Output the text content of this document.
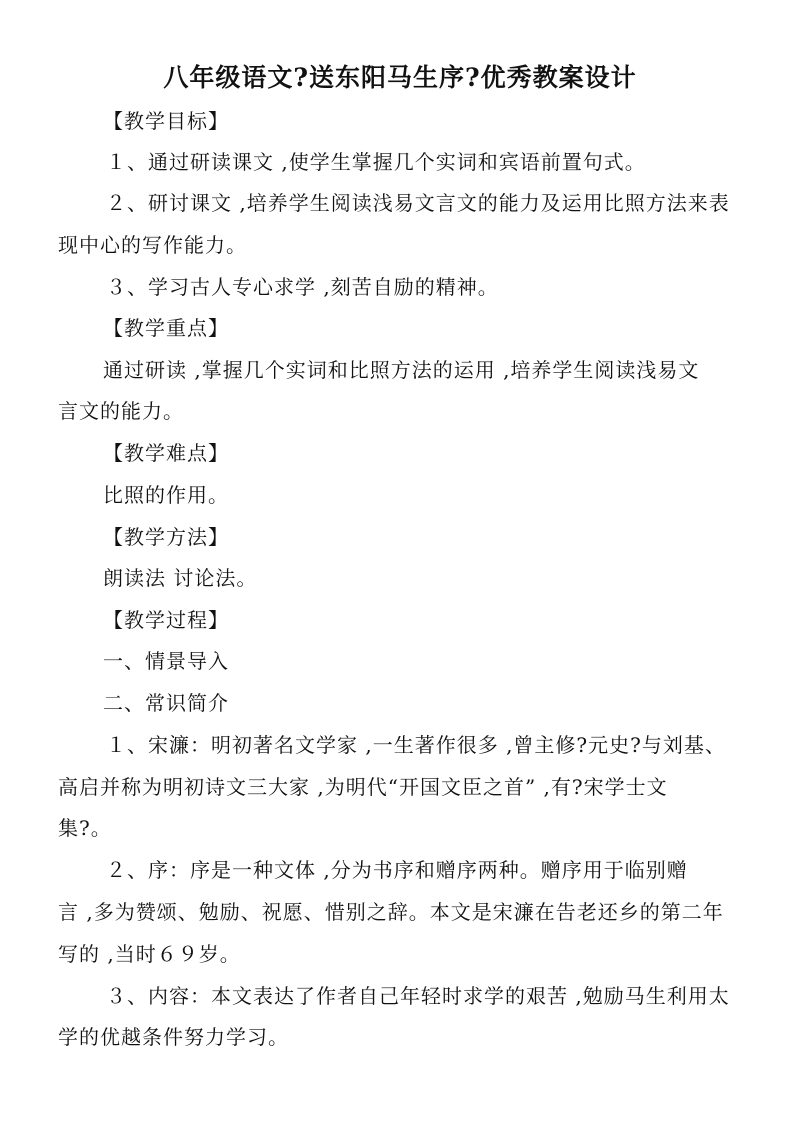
八年级语文?送东阳马生序?优秀教案设计
【教学目标】
１、通过研读课文 ,使学生掌握几个实词和宾语前置句式。
２、研讨课文 ,培养学生阅读浅易文言文的能力及运用比照方法来表
现中心的写作能力。
３、学习古人专心求学 ,刻苦自励的精神。
【教学重点】
通过研读 ,掌握几个实词和比照方法的运用 ,培养学生阅读浅易文
言文的能力。
【教学难点】
比照的作用。
【教学方法】
朗读法 讨论法。
【教学过程】
一、情景导入
二、常识简介
１、宋濂：明初著名文学家 ,一生著作很多 ,曾主修?元史?与刘基、
高启并称为明初诗文三大家 ,为明代“开国文臣之首” ,有?宋学士文
集?。
２、序：序是一种文体 ,分为书序和赠序两种。赠序用于临别赠
言 ,多为赞颂、勉励、祝愿、惜别之辞。本文是宋濂在告老还乡的第二年
写的 ,当时６９岁。
３、内容：本文表达了作者自己年轻时求学的艰苦 ,勉励马生利用太
学的优越条件努力学习。
